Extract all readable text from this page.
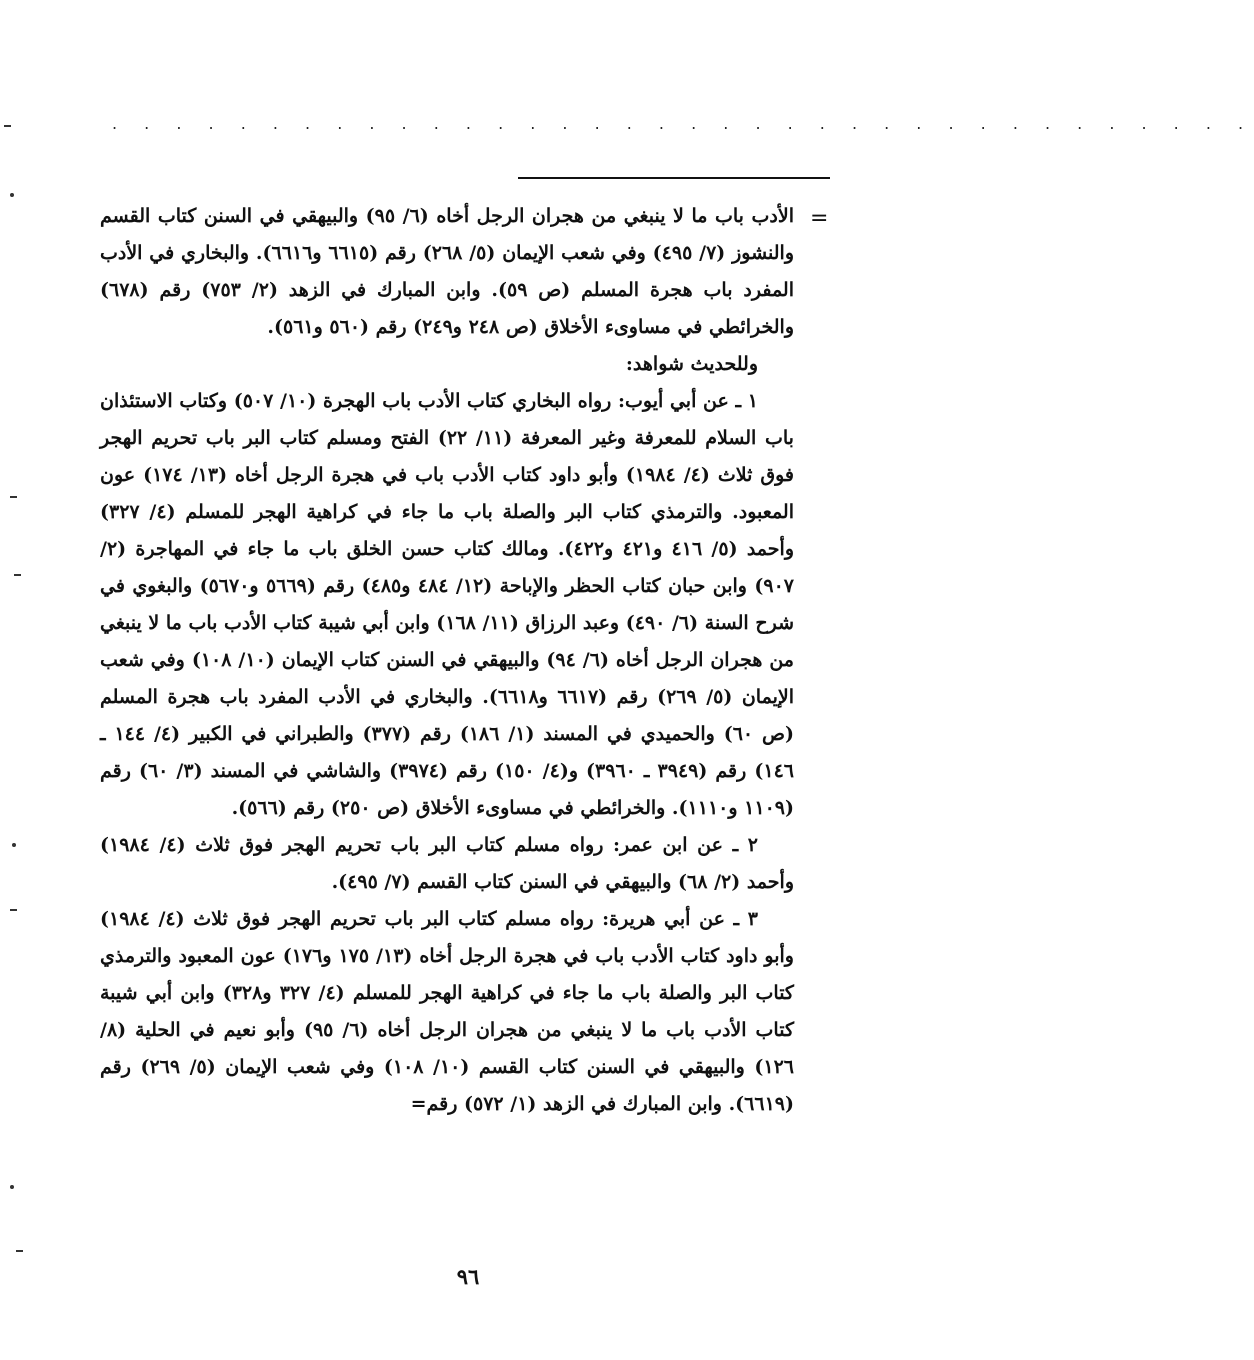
. . . . . . . . . . . . . . . . . . . . . . . . . . . . . . . . . . . .
=

الأدب باب ما لا ينبغي من هجران الرجل أخاه (٦/ ٩٥) والبيهقي في السنن كتاب القسم والنشوز (٧/ ٤٩٥) وفي شعب الإيمان (٥/ ٢٦٨) رقم (٦٦١٥ و٦٦١٦). والبخاري في الأدب المفرد باب هجرة المسلم (ص ٥٩). وابن المبارك في الزهد (٢/ ٧٥٣) رقم (٦٧٨) والخرائطي في مساوىء الأخلاق (ص ٢٤٨ و٢٤٩) رقم (٥٦٠ و٥٦١).

وللحديث شواهد:

١ ـ عن أبي أيوب: رواه البخاري كتاب الأدب باب الهجرة (١٠/ ٥٠٧) وكتاب الاستئذان باب السلام للمعرفة وغير المعرفة (١١/ ٢٢) الفتح ومسلم كتاب البر باب تحريم الهجر فوق ثلاث (٤/ ١٩٨٤) وأبو داود كتاب الأدب باب في هجرة الرجل أخاه (١٣/ ١٧٤) عون المعبود. والترمذي كتاب البر والصلة باب ما جاء في كراهية الهجر للمسلم (٤/ ٣٢٧) وأحمد (٥/ ٤١٦ و٤٢١ و٤٢٢). ومالك كتاب حسن الخلق باب ما جاء في المهاجرة (٢/ ٩٠٧) وابن حبان كتاب الحظر والإباحة (١٢/ ٤٨٤ و٤٨٥) رقم (٥٦٦٩ و٥٦٧٠) والبغوي في شرح السنة (٦/ ٤٩٠) وعبد الرزاق (١١/ ١٦٨) وابن أبي شيبة كتاب الأدب باب ما لا ينبغي من هجران الرجل أخاه (٦/ ٩٤) والبيهقي في السنن كتاب الإيمان (١٠/ ١٠٨) وفي شعب الإيمان (٥/ ٢٦٩) رقم (٦٦١٧ و٦٦١٨). والبخاري في الأدب المفرد باب هجرة المسلم (ص ٦٠) والحميدي في المسند (١/ ١٨٦) رقم (٣٧٧) والطبراني في الكبير (٤/ ١٤٤ ـ ١٤٦) رقم (٣٩٤٩ ـ ٣٩٦٠) و(٤/ ١٥٠) رقم (٣٩٧٤) والشاشي في المسند (٣/ ٦٠) رقم (١١٠٩ و١١١٠). والخرائطي في مساوىء الأخلاق (ص ٢٥٠) رقم (٥٦٦).

٢ ـ عن ابن عمر: رواه مسلم كتاب البر باب تحريم الهجر فوق ثلاث (٤/ ١٩٨٤) وأحمد (٢/ ٦٨) والبيهقي في السنن كتاب القسم (٧/ ٤٩٥).

٣ ـ عن أبي هريرة: رواه مسلم كتاب البر باب تحريم الهجر فوق ثلاث (٤/ ١٩٨٤) وأبو داود كتاب الأدب باب في هجرة الرجل أخاه (١٣/ ١٧٥ و١٧٦) عون المعبود والترمذي كتاب البر والصلة باب ما جاء في كراهية الهجر للمسلم (٤/ ٣٢٧ و٣٢٨) وابن أبي شيبة كتاب الأدب باب ما لا ينبغي من هجران الرجل أخاه (٦/ ٩٥) وأبو نعيم في الحلية (٨/ ١٢٦) والبيهقي في السنن كتاب القسم (١٠/ ١٠٨) وفي شعب الإيمان (٥/ ٢٦٩) رقم (٦٦١٩). وابن المبارك في الزهد (١/ ٥٧٢) رقم=

٩٦
